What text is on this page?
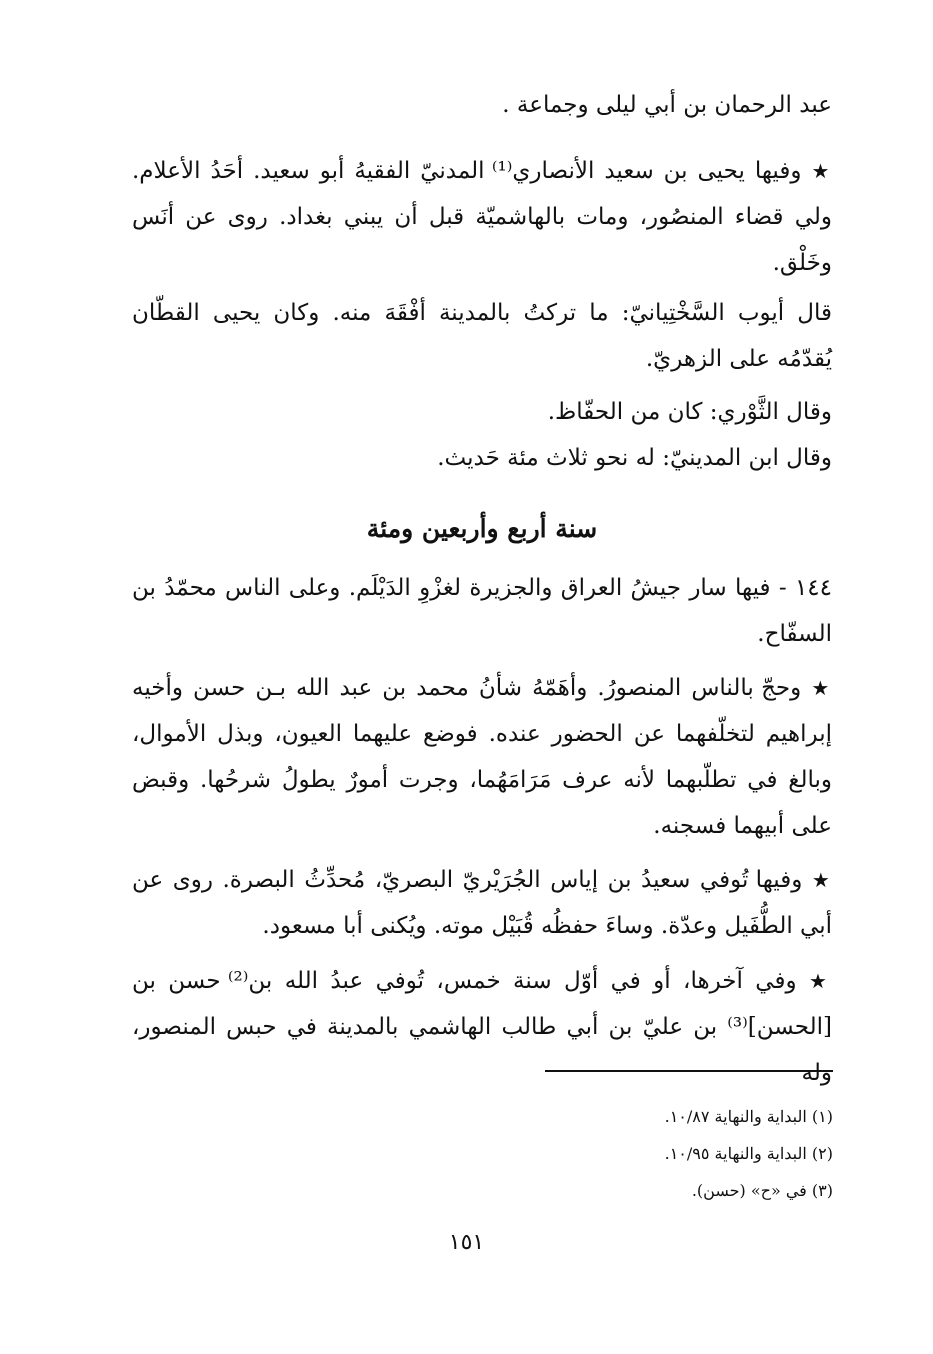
عبد الرحمان بن أبي ليلى وجماعة .

★ وفيها يحيى بن سعيد الأنصاري⁽¹⁾ المدنيّ الفقيهُ أبو سعيد. أحَدُ الأعلام. ولي قضاء المنصُور، ومات بالهاشميّة قبل أن يبني بغداد. روى عن أنَس وخَلْق.

قال أيوب السَّخْتِيانيّ: ما تركتُ بالمدينة أفْقَهَ منه. وكان يحيى القطّان يُقدّمُه على الزهريّ.

وقال الثَّوْري: كان من الحفّاظ.

وقال ابن المدينيّ: له نحو ثلاث مئة حَديث.

سنة أربع وأربعين ومئة

١٤٤ - فيها سار جيشُ العراق والجزيرة لغزْوِ الدَيْلَم. وعلى الناس محمّدُ بن السفّاح.

★ وحجّ بالناس المنصورُ. وأهَمّهُ شأنُ محمد بن عبد الله بـن حسن وأخيه إبراهيم لتخلّفهما عن الحضور عنده. فوضع عليهما العيون، وبذل الأموال، وبالغ في تطلّبهما لأنه عرف مَرَامَهُما، وجرت أمورٌ يطولُ شرحُها. وقبض على أبيهما فسجنه.

★ وفيها تُوفي سعيدُ بن إياس الجُرَيْريّ البصريّ، مُحدِّثُ البصرة. روى عن أبي الطُّفَيل وعدّة. وساءَ حفظُه قُبَيْل موته. ويُكنى أبا مسعود.

★ وفي آخرها، أو في أوّل سنة خمس، تُوفي عبدُ الله بن⁽²⁾ حسن بن [الحسن]⁽³⁾ بن عليّ بن أبي طالب الهاشمي بالمدينة في حبس المنصور، وله

(١) البداية والنهاية ١٠/٨٧.

(٢) البداية والنهاية ١٠/٩٥.

(٣) في «ح» (حسن).

١٥١
